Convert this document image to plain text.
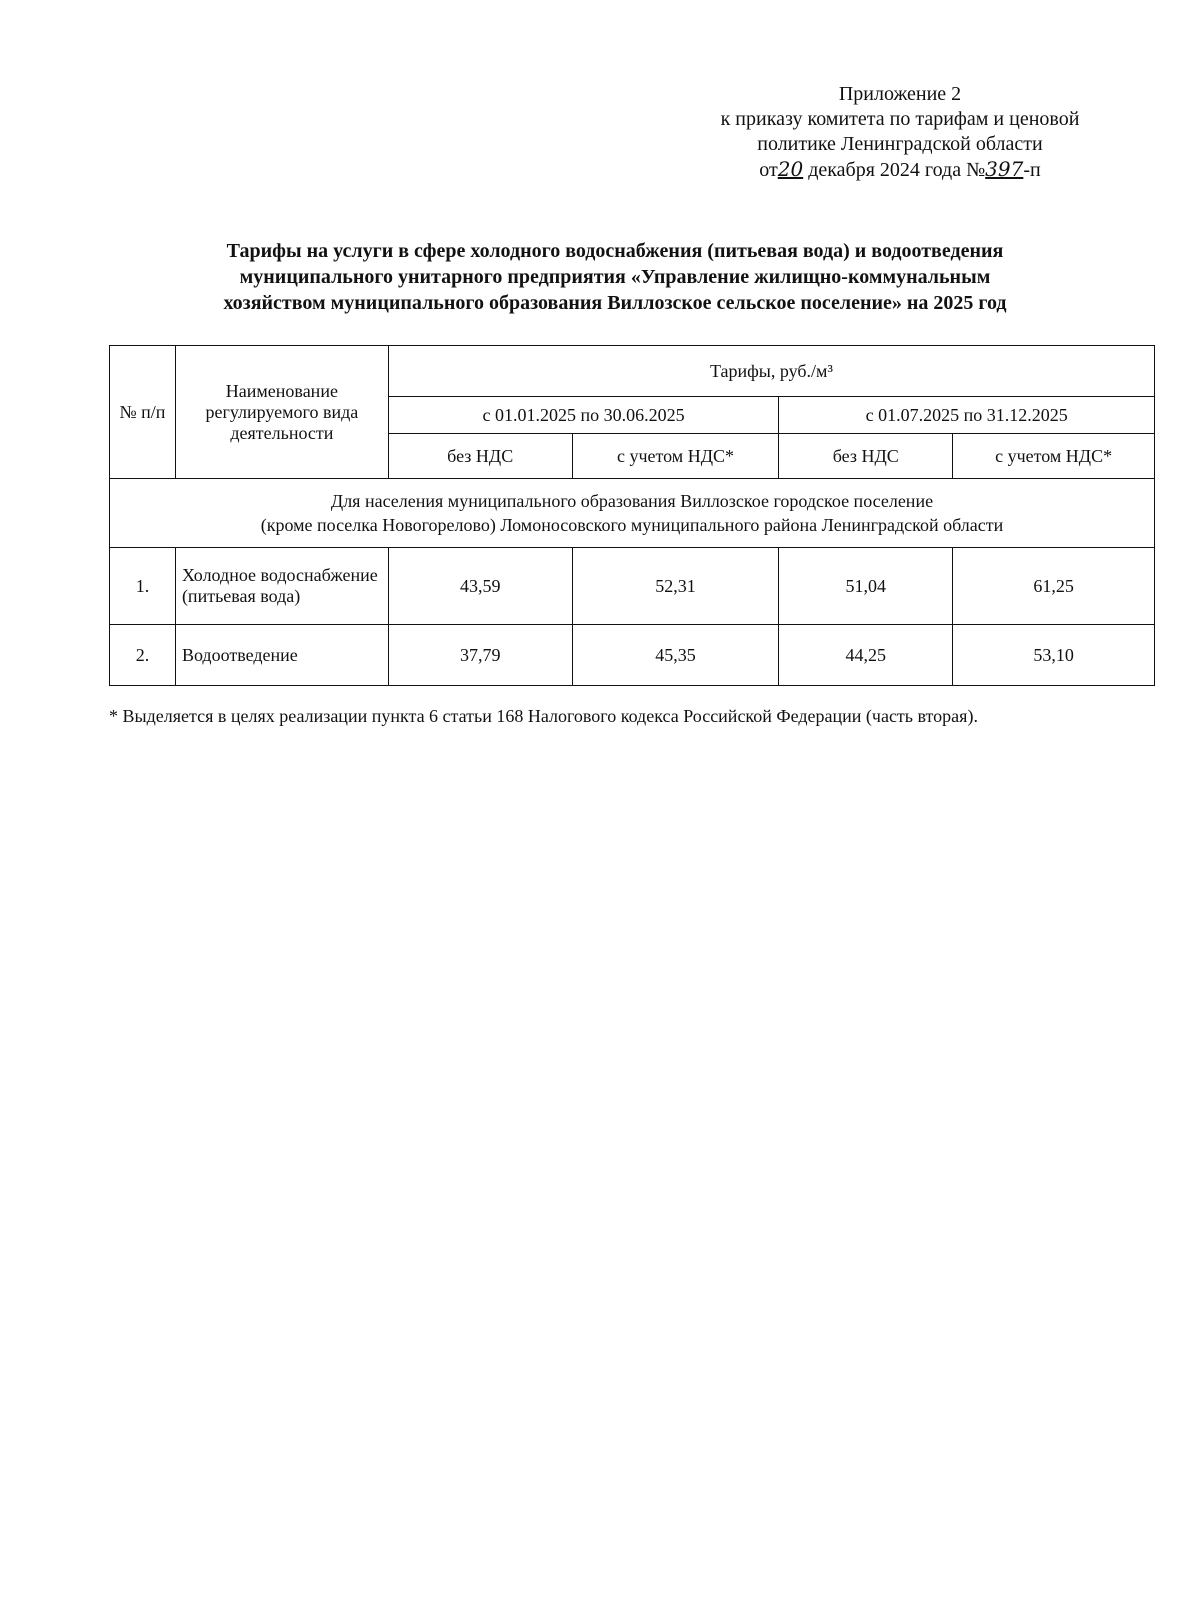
Приложение 2
к приказу комитета по тарифам и ценовой
политике Ленинградской области
от20 декабря 2024 года №397-п
Тарифы на услуги в сфере холодного водоснабжения (питьевая вода) и водоотведения
муниципального унитарного предприятия «Управление жилищно-коммунальным
хозяйством муниципального образования Виллозское сельское поселение» на 2025 год
№ п/п	Наименование регулируемого вида деятельности	Тарифы, руб./м³			
		с 01.01.2025 по 30.06.2025		с 01.07.2025 по 31.12.2025	
		без НДС	с учетом НДС*	без НДС	с учетом НДС*

Для населения муниципального образования Виллозское городское поселение
(кроме поселка Новогорелово) Ломоносовского муниципального района Ленинградской области					

1.	Холодное водоснабжение (питьевая вода)	43,59	52,31	51,04	61,25
2.	Водоотведение	37,79	45,35	44,25	53,10
* Выделяется в целях реализации пункта 6 статьи 168 Налогового кодекса Российской Федерации (часть вторая).
